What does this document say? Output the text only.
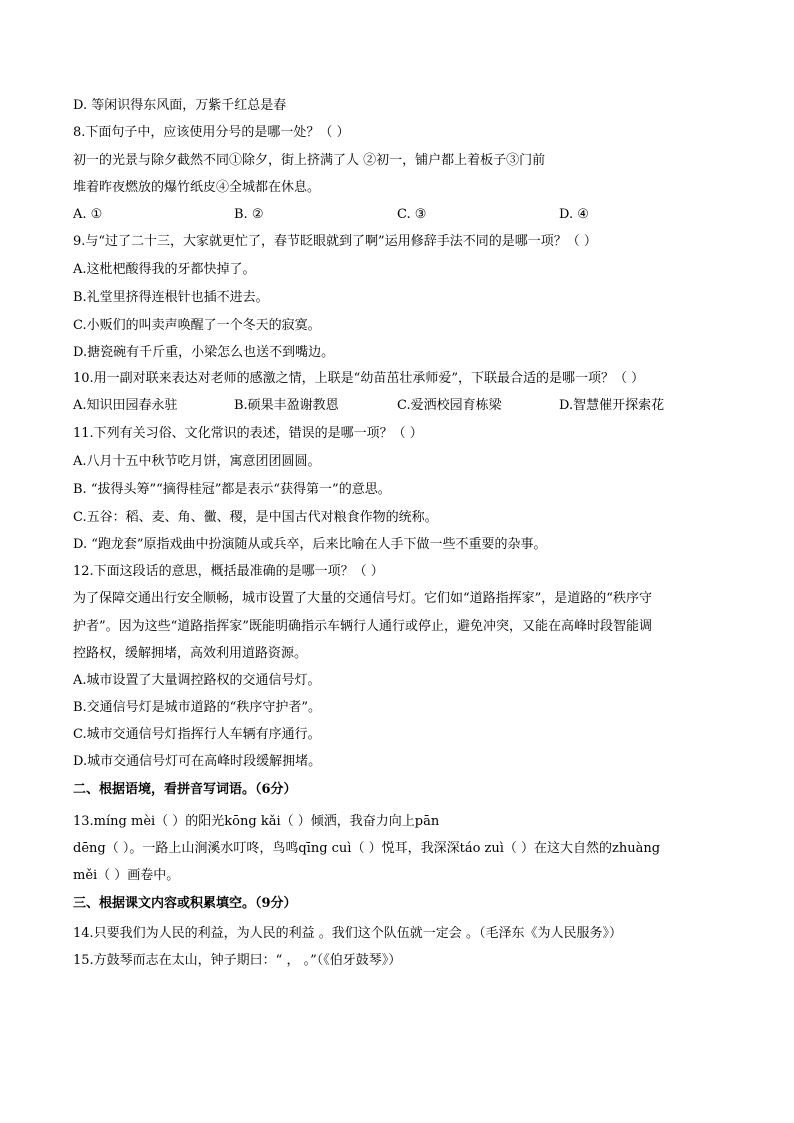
D. 等闲识得东风面，万紫千红总是春
8.下面句子中，应该使用分号的是哪一处？（ ）
初一的光景与除夕截然不同①除夕，街上挤满了人 ②初一，铺户都上着板子③门前
堆着昨夜燃放的爆竹纸皮④全城都在休息。
A. ①	B. ②	C. ③	D. ④
9.与“过了二十三，大家就更忙了，春节眨眼就到了啊”运用修辞手法不同的是哪一项？（ ）
A.这枇杷酸得我的牙都快掉了。
B.礼堂里挤得连根针也插不进去。
C.小贩们的叫卖声唤醒了一个冬天的寂寞。
D.搪瓷碗有千斤重，小梁怎么也送不到嘴边。
10.用一副对联来表达对老师的感激之情，上联是“幼苗茁壮承师爱”，下联最合适的是哪一项？（ ）
A.知识田园春永驻	B.硕果丰盈谢教恩	C.爱洒校园育栋梁	D.智慧催开探索花
11.下列有关习俗、文化常识的表述，错误的是哪一项？（ ）
A.八月十五中秋节吃月饼，寓意团团圆圆。
B. “拔得头筹”“摘得桂冠”都是表示“获得第一”的意思。
C.五谷：稻、麦、角、黴、稷，是中国古代对粮食作物的统称。
D. “跑龙套”原指戏曲中扮演随从或兵卒，后来比喻在人手下做一些不重要的杂事。
12.下面这段话的意思，概括最准确的是哪一项？（ ）
为了保障交通出行安全顺畅，城市设置了大量的交通信号灯。它们如“道路指挥家”，是道路的“秩序守
护者”。因为这些“道路指挥家”既能明确指示车辆行人通行或停止，避免冲突，又能在高峰时段智能调
控路权，缓解拥堵，高效利用道路资源。
A.城市设置了大量调控路权的交通信号灯。
B.交通信号灯是城市道路的“秩序守护者”。
C.城市交通信号灯指挥行人车辆有序通行。
D.城市交通信号灯可在高峰时段缓解拥堵。
二、根据语境，看拼音写词语。（6分）
13.míng mèi（ ）的阳光kōng kǎi（ ）倾洒，我奋力向上pān
dēng（ ）。一路上山涧溪水叮咚，鸟鸣qīng cuì（ ）悦耳，我深深táo zuì（ ）在这大自然的zhuàng
měi（ ）画卷中。
三、根据课文内容或积累填空。（9分）
14.只要我们为人民的利益，为人民的利益 。我们这个队伍就一定会 。（毛泽东《为人民服务》）
15.方鼓琴而志在太山，钟子期曰：“ ， 。”（《伯牙鼓琴》）
